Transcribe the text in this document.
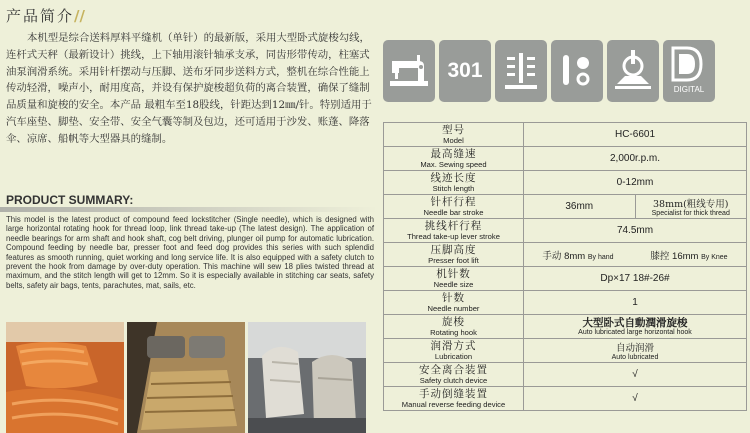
产品简介//
本机型是综合送料厚料平缝机（单针）的最新版，采用大型卧式旋梭勾线，连杆式天秤（最新设计）挑线，上下轴用滚针轴承支承，同齿形带传动，柱塞式油泵润滑系统。采用针杆摆动与压脚、送布牙同步送料方式，整机在综合性能上传动轻滑，噪声小，耐用度高，并设有保护旋梭超负荷的离合装置，确保了缝制品质量和旋梭的安全。本产品 最粗车至18股线，针距达到12㎜/针。特别适用于汽车座垫、脚垫、安全带、安全气囊等制及包边，还可适用于沙发、账蓬、降落伞、凉席、船帆等大型器具的缝制。
301
DIGITAL
PRODUCT SUMMARY:
This model is the latest product of compound feed lockstitcher (Single needle), which is designed with large horizontal rotating hook for thread loop, link thread take-up (The latest design). The application of needle bearings for arm shaft and hook shaft, cog belt driving, plunger oil pump for automatic lubrication. Compound feeding by needle bar, presser foot and feed dog provides this series with such splendid features as smooth running, quiet working and long service life. It is also equipped with a safety clutch to prevent the hook from damage by over-duty operation. This machine will sew 18 plies twisted thread at maximum, and the stitch length will get to 12mm. So it is especially available in stitching car seats, safety belts, safety air bags, tents, parachutes, mat, sails, etc.
型号
Model	HC-6601	

最高缝速
Max. Sewing speed	2,000r.p.m.	

线迹长度
Stitch length	0-12mm	

针杆行程
Needle bar stroke	36mm	38mm(粗线专用)
Specialist for thick thread

挑线杆行程
Thread take-up lever stroke	74.5mm	

压脚高度
Presser foot lift	手动 8mm By hand 膝控 16mm By Knee	

机针数
Needle size	Dp×17 18#-26#	

针数
Needle number	1	

旋梭
Rotating hook	大型卧式自動潤滑旋梭
Auto lubricated large horizontal hook	

润滑方式
Lubrication	自动润滑
Auto lubricated	

安全离合装置
Safety clutch device	√	

手动倒缝装置
Manual reverse feeding device	√	
